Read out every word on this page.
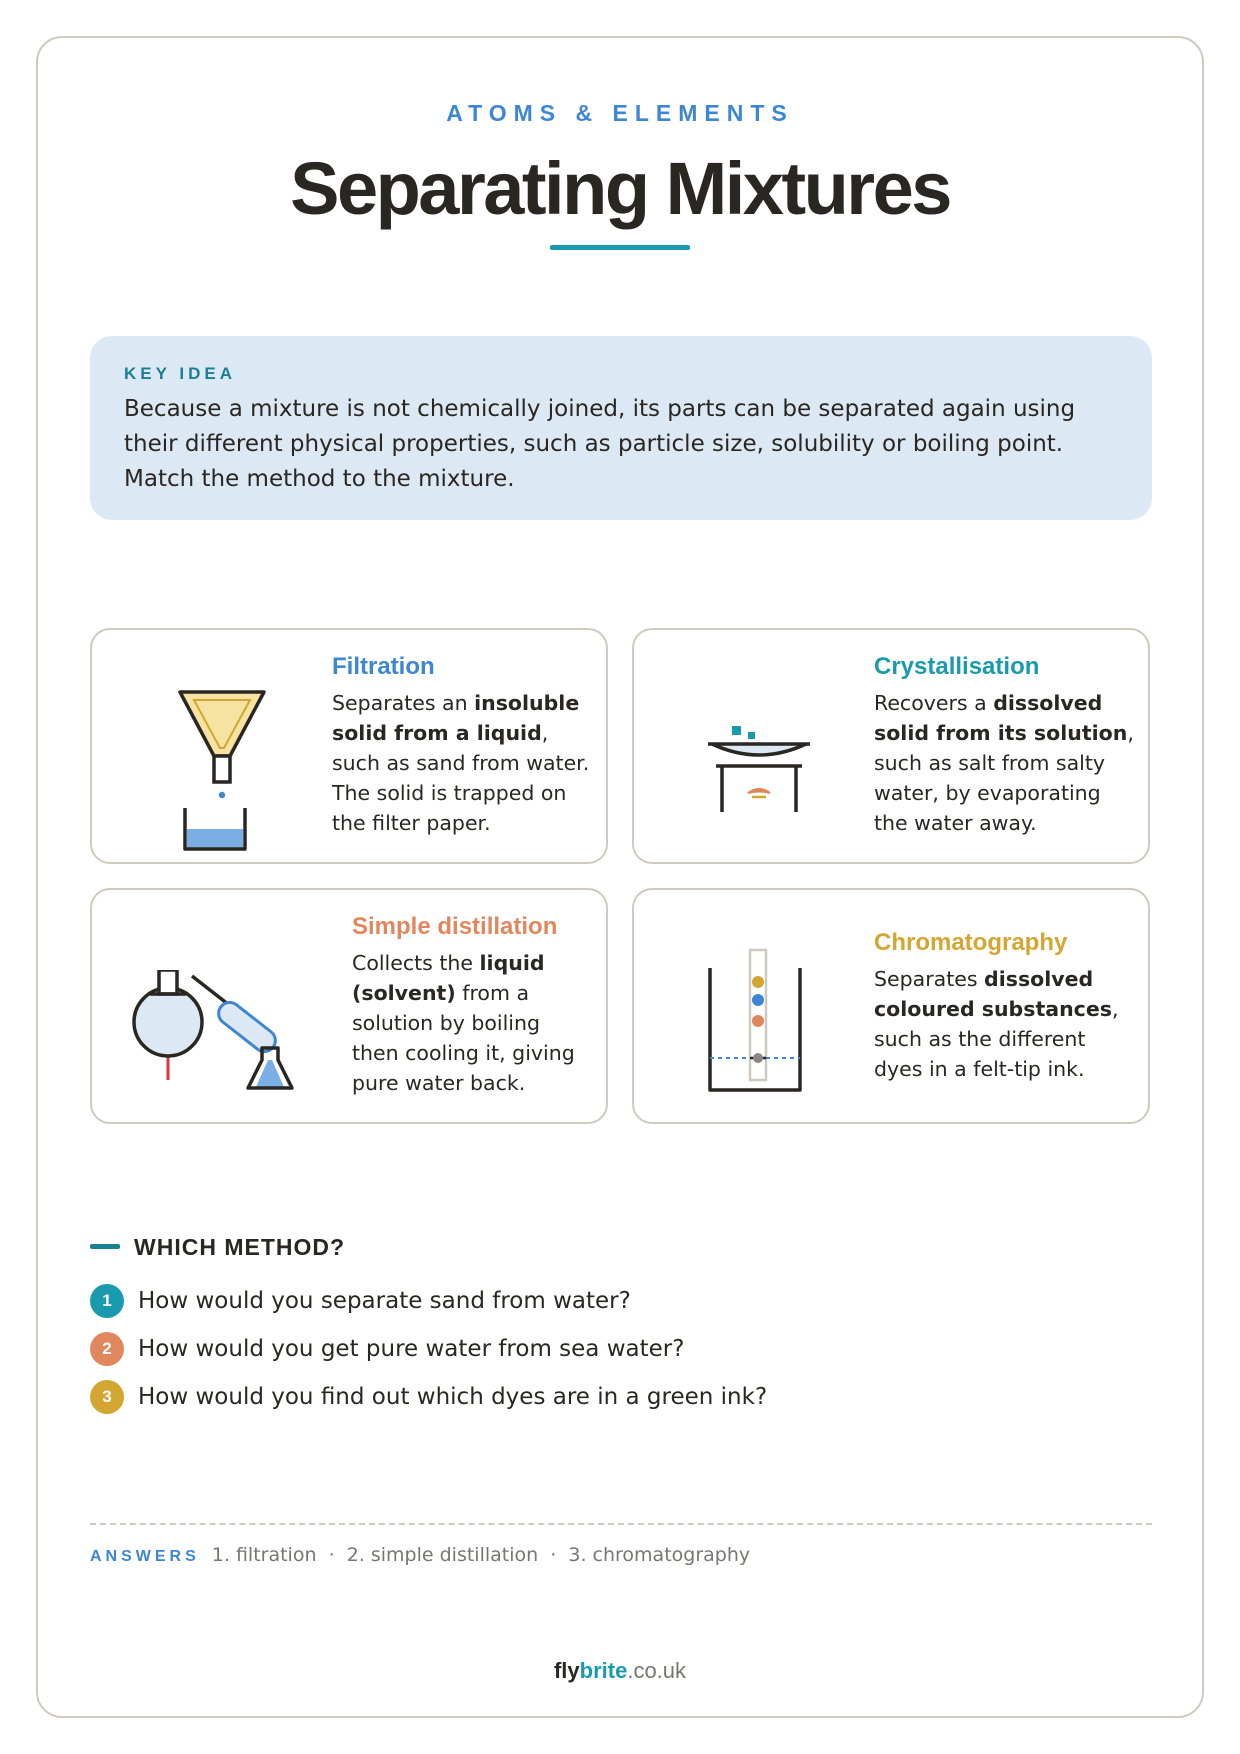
ATOMS & ELEMENTS
Separating Mixtures
KEY IDEA
Because a mixture is not chemically joined, its parts can be separated again using their different physical properties, such as particle size, solubility or boiling point. Match the method to the mixture.
Filtration
Separates an insoluble solid from a liquid, such as sand from water. The solid is trapped on the filter paper.
Crystallisation
Recovers a dissolved solid from its solution, such as salt from salty water, by evaporating the water away.
Simple distillation
Collects the liquid (solvent) from a solution by boiling then cooling it, giving pure water back.
Chromatography
Separates dissolved coloured substances, such as the different dyes in a felt-tip ink.
WHICH METHOD?
1 How would you separate sand from water?
2 How would you get pure water from sea water?
3 How would you find out which dyes are in a green ink?
ANSWERS 1. filtration  ·  2. simple distillation  ·  3. chromatography
flybrite.co.uk
